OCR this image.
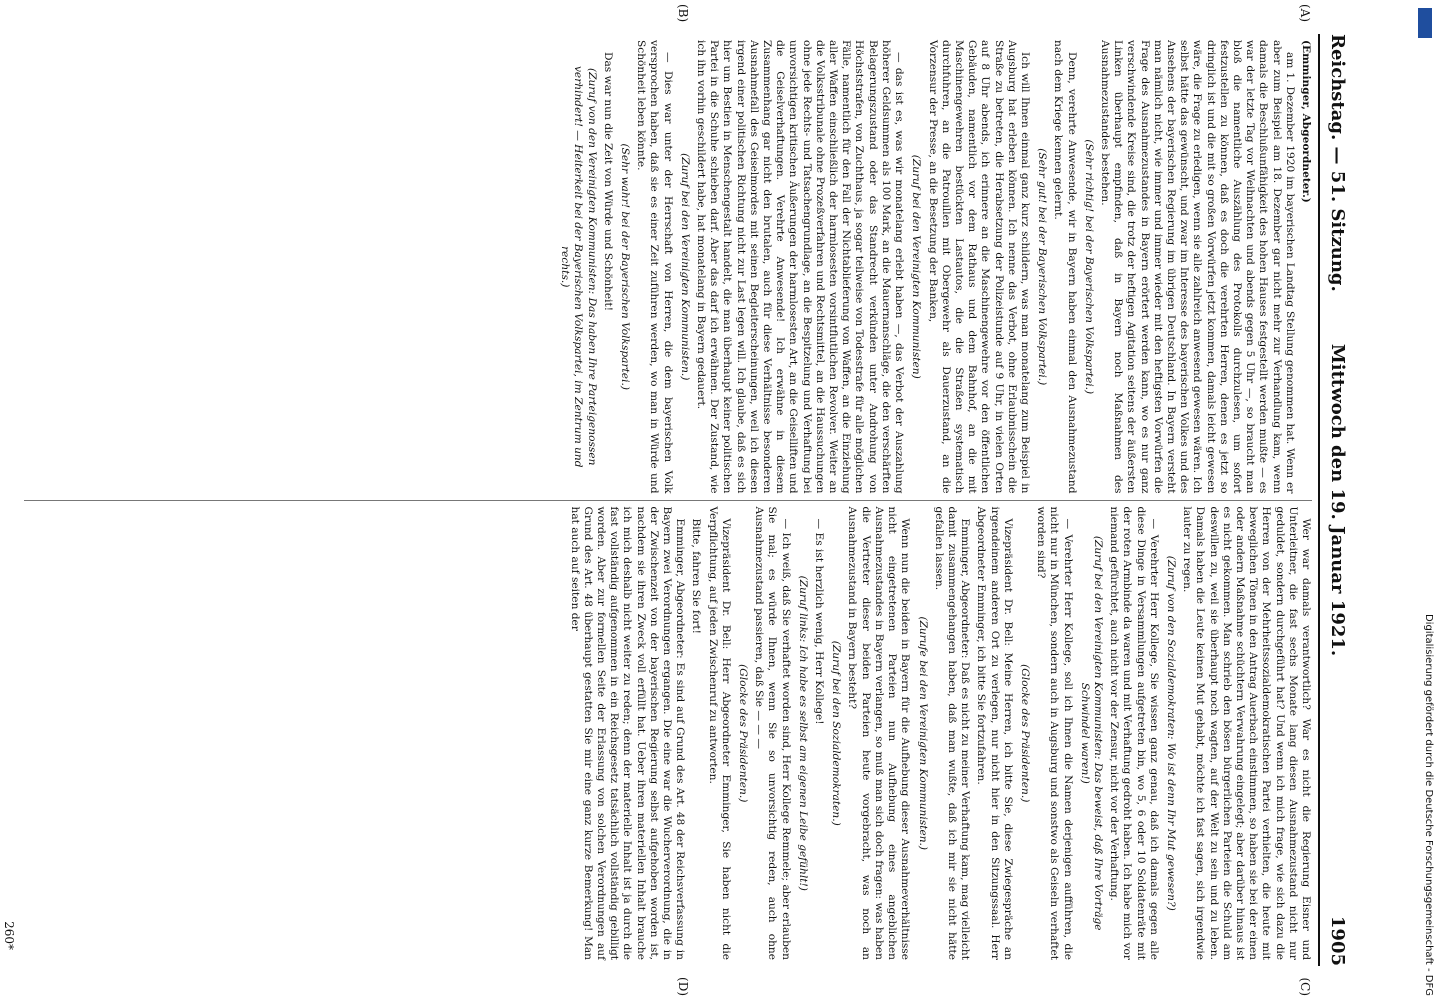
Reichstag. — 51. Sitzung.
Mittwoch den 19. Januar 1921.
1905
(A)
(B)
(C)
(D)

(Emminger, Abgeordneter.)

am 1. Dezember 1920 im bayerischen Landtag Stellung genommen hat. Wenn er aber zum Beispiel am 18. Dezember gar nicht mehr zur Verhandlung kam, wenn damals die Beschlußunfähigkeit des hohen Hauses festgestellt werden mußte — es war der letzte Tag vor Weihnachten und abends gegen 5 Uhr —, so braucht man bloß die namentliche Auszählung des Protokolls durchzulesen, um sofort festzustellen zu können, daß es doch die verehrten Herren, denen es jetzt so dringlich ist und die mit so großen Vorwürfen jetzt kommen, damals leicht gewesen wäre, die Frage zu erledigen, wenn sie alle zahlreich anwesend gewesen wären. Ich selbst hätte das gewünscht, und zwar im Interesse des bayerischen Volkes und des Ansehens der bayerischen Regierung im übrigen Deutschland. In Bayern versteht man nämlich nicht, wie immer und immer wieder mit den heftigsten Vorwürfen die Frage des Ausnahmezustandes in Bayern erörtert werden kann, wo es nur ganz verschwindende Kreise sind, die trotz der heftigen Agitation seitens der äußersten Linken überhaupt empfinden, daß in Bayern noch Maßnahmen des Ausnahmezustandes bestehen.

(Sehr richtig! bei der Bayerischen Volkspartei.)

Denn, verehrte Anwesende, wir in Bayern haben einmal den Ausnahmezustand nach dem Kriege kennen gelernt.

(Sehr gut! bei der Bayerischen Volkspartei.)

Ich will Ihnen einmal ganz kurz schildern, was man monatelang zum Beispiel in Augsburg hat erleben können. Ich nenne das Verbot, ohne Erlaubnisschein die Straße zu betreten, die Herabsetzung der Polizeistunde auf 9 Uhr, in vielen Orten auf 8 Uhr abends, ich erinnere an die Maschinengewehre vor den öffentlichen Gebäuden, namentlich vor dem Rathaus und dem Bahnhof, an die mit Maschinengewehren bestückten Lastautos, die die Straßen systematisch durchfuhren, an die Patrouillen mit Obergewehr als Dauerzustand, an die Vorzensur der Presse, an die Besetzung der Banken,

(Zuruf bei den Vereinigten Kommunisten)

— das ist es, was wir monatelang erlebt haben —, das Verbot der Auszahlung höherer Geldsummen als 100 Mark, an die Mauernanschläge, die den verschärften Belagerungszustand oder das Standrecht verkünden unter Androhung von Höchststrafen, von Zuchthaus, ja sogar teilweise von Todesstrafe für alle möglichen Fälle, namentlich für den Fall der Nichtablieferung von Waffen, an die Einziehung aller Waffen einschließlich der harmlosesten vorsintflutlichen Revolver. Weiter an die Volksstribunale ohne Prozeßverfahren und Rechtsmittel, an die Haussuchungen ohne jede Rechts- und Tatsachengrundlage, an die Bespitzelung und Verhaftung bei unvorsichtigen kritischen Äußerungen der harmlosesten Art, an die Geiselliften und die Geiselverhaftungen. Verehrte Anwesende! Ich erwähne in diesem Zusammenhang gar nicht den brutalen, auch für diese Verhältnisse besonderen Ausnahmefall des Geiselmordes mit seinen Begleiterscheinungen, weil ich diesen irgend einer politischen Richtung nicht zur Last legen will. Ich glaube, daß es sich hier um Bestien in Menschengestalt handelt, die man überhaupt keiner politischen Partei in die Schuhe schieben darf. Aber das darf ich erwähnen. Der Zustand, wie ich ihn vorhin geschildert habe, hat monatelang in Bayern gedauert.

(Zuruf bei den Vereinigten Kommunisten.)

— Dies war unter der Herrschaft von Herren, die dem bayerischen Volk versprochen haben, daß sie es einer Zeit zuführen werden, wo man in Würde und Schönheit leben könnte.

(Sehr wahr! bei der Bayerischen Volkspartei.)

Das war nun die Zeit von Würde und Schönheit!

(Zuruf von den Vereinigten Kommunisten: Das haben Ihre Parteigenossen verhindert! — Heiterkeit bei der Bayerischen Volkspartei, im Zentrum und rechts.)

Wer war damals verantwortlich? War es nicht die Regierung Eisner und Unterleitner, die fast sechs Monate lang diesen Ausnahmezustand nicht nur geduldet, sondern durchgeführt hat? Und wenn ich mich frage, wie sich dazu die Herren von der Mehrheitssozialdemokratischen Partei verhielten, die heute mit beweglichen Tönen in den Antrag Auerbach einstimmen, so haben sie bei der einen oder andern Maßnahme schüchtern Verwahrung eingelegt; aber darüber hinaus ist es nicht gekommen. Man schrieb den bösen bürgerlichen Parteien die Schuld am deswillen zu, weil sie überhaupt noch wagten, auf der Welt zu sein und zu leben. Damals haben die Leute keinen Mut gehabt, möchte ich fast sagen, sich irgendwie lauter zu regen.

(Zuruf von den Sozialdemokraten: Wo ist denn Ihr Mut gewesen?)

— Verehrter Herr Kollege, Sie wissen ganz genau, daß ich damals gegen alle diese Dinge in Versammlungen aufgetreten bin, wo 5, 6 oder 10 Soldatenräte mit der roten Armbinde da waren und mit Verhaftung gedroht haben. Ich habe mich vor niemand gefürchtet, auch nicht vor der Zensur, nicht vor der Verhaftung.

(Zuruf bei den Vereinigten Kommunisten: Das beweist, daß Ihre Vorträge Schwindel waren!)

— Verehrter Herr Kollege, soll ich Ihnen die Namen derjenigen aufführen, die nicht nur in München, sondern auch in Augsburg und sonstwo als Geiseln verhaftet worden sind?

(Glocke des Präsidenten.)

Vizepräsident Dr. Bell: Meine Herren, ich bitte Sie, diese Zwiegespräche an irgendeinem anderen Ort zu verlegen, nur nicht hier in den Sitzungssaal. Herr Abgeordneter Emminger, ich bitte Sie fortzufahren.

Emminger, Abgeordneter: Daß es nicht zu meiner Verhaftung kam, mag vielleicht damit zusammengehangen haben, daß man wußte, daß ich mir sie nicht hätte gefallen lassen.

(Zurufe bei den Vereinigten Kommunisten.)

Wenn nun die beiden in Bayern für die Aufhebung dieser Ausnahmeverhältnisse nicht eingetretenen Parteien nun Aufhebung eines angeblichen Ausnahmezustandes in Bayern verlangen, so muß man sich doch fragen: was haben die Vertreter dieser beiden Parteien heute vorgebracht, was noch an Ausnahmezustand in Bayern besteht?

(Zuruf bei den Sozialdemokraten.)

— Es ist herzlich wenig, Herr Kollege!

(Zuruf links: Ich habe es selbst am eigenen Leibe gefühlt!)

— Ich weiß, daß Sie verhaftet worden sind, Herr Kollege Remmele; aber erlauben Sie mal; es würde Ihnen, wenn Sie so unvorsichtig reden, auch ohne Ausnahmezustand passieren, daß Sie — — —

(Glocke des Präsidenten.)

Vizepräsident Dr. Bell: Herr Abgeordneter Emminger, Sie haben nicht die Verpflichtung, auf jeden Zwischenruf zu antworten.

Bitte, fahren Sie fort!

Emminger, Abgeordneter: Es sind auf Grund des Art. 48 der Reichsverfassung in Bayern zwei Verordnungen ergangen. Die eine war die Wucherverordnung, die in der Zwischenzeit von der bayerischen Regierung selbst aufgehoben worden ist, nachdem sie ihren Zweck voll erfüllt hat. Ueber ihren materiellen Inhalt brauche ich mich deshalb nicht weiter zu reden; denn der materielle Inhalt ist ja durch die fast vollständig aufgenommen in ein Reichsgesetz tatsächlich vollständig gebilligt worden. Aber zur formellen Seite der Erlassung von solchen Verordnungen auf Grund des Art. 48 überhaupt gestatten Sie mir eine ganz kurze Bemerkung! Man hat auch auf seiten der

260*	Digitalisierung gefördert durch die Deutsche Forschungsgemeinschaft - DFG
